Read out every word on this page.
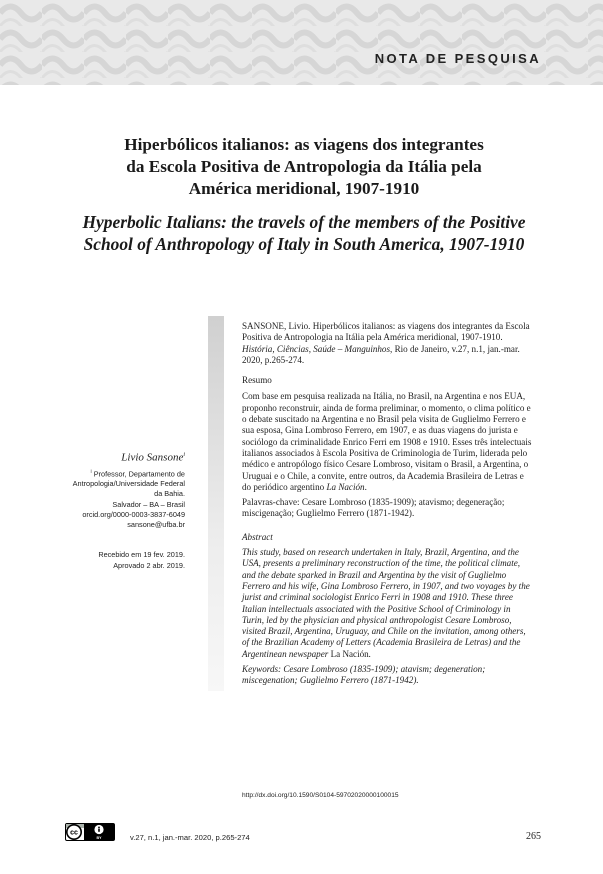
NOTA DE PESQUISA
Hiperbólicos italianos: as viagens dos integrantes
da Escola Positiva de Antropologia da Itália pela
América meridional, 1907-1910
Hyperbolic Italians: the travels of the members of the Positive
School of Anthropology of Italy in South America, 1907-1910
Livio Sansone$^i$
$^i$ Professor, Departamento de
Antropologia/Universidade Federal
da Bahia.
Salvador – BA – Brasil
orcid.org/0000-0003-3837-6049
sansone@ufba.br
Recebido em 19 fev. 2019.
Aprovado 2 abr. 2019.

SANSONE, Livio. Hiperbólicos italianos: as viagens dos integrantes da Escola Positiva de Antropologia na Itália pela América meridional, 1907-1910. História, Ciências, Saúde – Manguinhos, Rio de Janeiro, v.27, n.1, jan.-mar. 2020, p.265-274.

Resumo

Com base em pesquisa realizada na Itália, no Brasil, na Argentina e nos EUA, proponho reconstruir, ainda de forma preliminar, o momento, o clima político e o debate suscitado na Argentina e no Brasil pela visita de Guglielmo Ferrero e sua esposa, Gina Lombroso Ferrero, em 1907, e as duas viagens do jurista e sociólogo da criminalidade Enrico Ferri em 1908 e 1910. Esses três intelectuais italianos associados à Escola Positiva de Criminologia de Turim, liderada pelo médico e antropólogo físico Cesare Lombroso, visitam o Brasil, a Argentina, o Uruguai e o Chile, a convite, entre outros, da Academia Brasileira de Letras e do periódico argentino La Nación.

Palavras-chave: Cesare Lombroso (1835-1909); atavismo; degeneração; miscigenação; Guglielmo Ferrero (1871-1942).

Abstract

This study, based on research undertaken in Italy, Brazil, Argentina, and the USA, presents a preliminary reconstruction of the time, the political climate, and the debate sparked in Brazil and Argentina by the visit of Guglielmo Ferrero and his wife, Gina Lombroso Ferrero, in 1907, and two voyages by the jurist and criminal sociologist Enrico Ferri in 1908 and 1910. These three Italian intellectuals associated with the Positive School of Criminology in Turin, led by the physician and physical anthropologist Cesare Lombroso, visited Brazil, Argentina, Uruguay, and Chile on the invitation, among others, of the Brazilian Academy of Letters (Academia Brasileira de Letras) and the Argentinean newspaper La Nación.

Keywords: Cesare Lombroso (1835-1909); atavism; degeneration; miscegenation; Guglielmo Ferrero (1871-1942).

http://dx.doi.org/10.1590/S0104-59702020000100015
cc
BY	v.27, n.1, jan.-mar. 2020, p.265-274	265
